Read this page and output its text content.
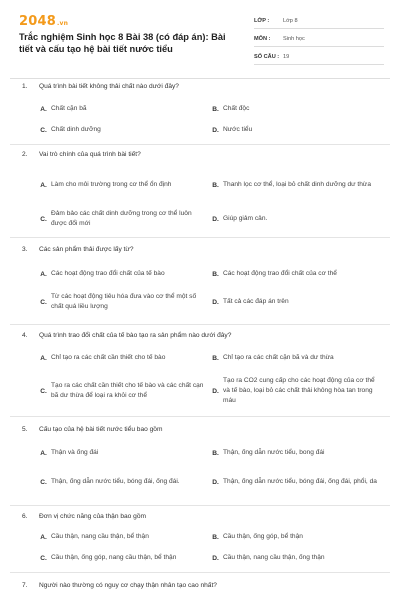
2048.vn
Trắc nghiệm Sinh học 8 Bài 38 (có đáp án): Bài tiết và cấu tạo hệ bài tiết nước tiểu
LỚP :	Lớp 8
MÔN :	Sinh học
SỐ CÂU : 19
1. Quá trình bài tiết không thải chất nào dưới đây?
A. Chất cặn bã	B. Chất độc
C. Chất dinh dưỡng	D. Nước tiểu
2. Vai trò chính của quá trình bài tiết?
A. Làm cho môi trường trong cơ thể ổn định	B. Thanh lọc cơ thể, loại bỏ chất dinh dưỡng dư thừa
C.
Đảm bảo các chất dinh dưỡng trong cơ thể luôn được đổi mới
D. Giúp giảm cân.
3. Các sản phẩm thải được lấy từ?
A. Các hoạt động trao đổi chất của tế bào	B. Các hoạt động trao đổi chất của cơ thể
C.
Từ các hoạt động tiêu hóa đưa vào cơ thể một số chất quá liều lượng
D. Tất cả các đáp án trên
4. Quá trình trao đổi chất của tế bào tạo ra sản phẩm nào dưới đây?
A. Chỉ tạo ra các chất cần thiết cho tế bào	B. Chỉ tạo ra các chất cặn bã và dư thừa
C.
Tạo ra các chất cần thiết cho tế bào và các chất cạn bã dư thừa để loại ra khỏi cơ thể
D.
Tạo ra CO2 cung cấp cho các hoạt động của cơ thể và tế bào, loại bỏ các chất thải không hòa tan trong máu
5. Cấu tạo của hệ bài tiết nước tiểu bao gồm
A. Thận và ống đái	B. Thận, ống dẫn nước tiểu, bong đái
C. Thận, ống dẫn nước tiểu, bóng đái, ống đái.	D. Thận, ống dẫn nước tiểu, bóng đái, ống đái, phổi, da
6. Đơn vị chức năng của thận bao gồm
A. Cầu thận, nang cầu thận, bể thận	B. Cầu thận, ống góp, bể thận
C. Cầu thận, ống góp, nang cầu thận, bể thận	D. Cầu thận, nang cầu thận, ống thận
7. Người nào thường có nguy cơ chạy thận nhân tạo cao nhất?
